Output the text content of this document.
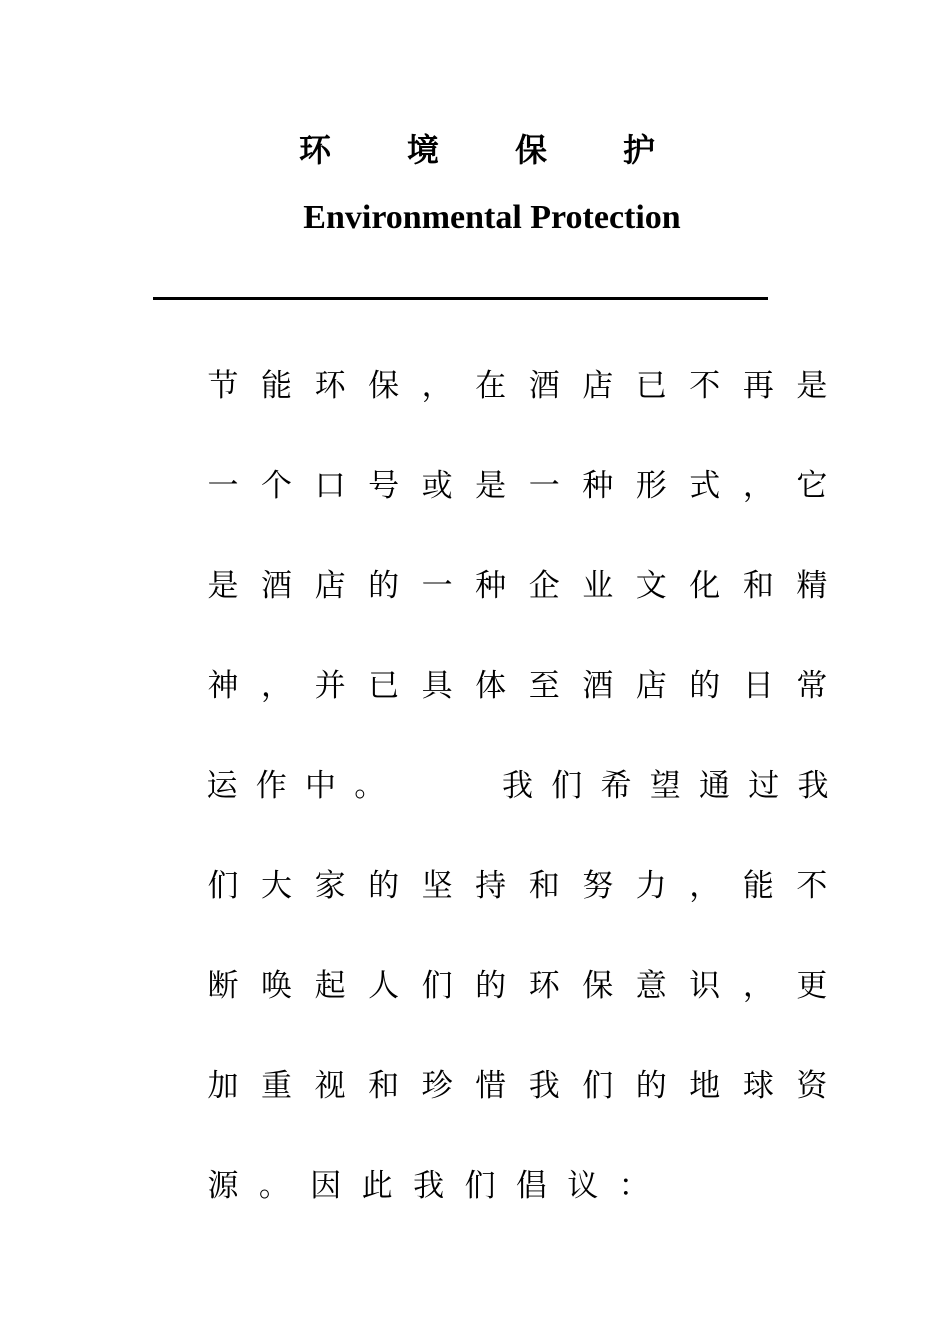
环 境 保 护
Environmental Protection
节 能 环 保 ， 在 酒 店 已 不 再 是
一 个 口 号 或 是 一 种 形 式 ， 它
是 酒 店 的 一 种 企 业 文 化 和 精
神 ， 并 已 具 体 至 酒 店 的 日 常
运 作 中 。	我 们 希 望 通 过 我
们 大 家 的 坚 持 和 努 力 ， 能 不
断 唤 起 人 们 的 环 保 意 识 ， 更
加 重 视 和 珍 惜 我 们 的 地 球 资
源 。 因 此 我 们 倡 议 ：
